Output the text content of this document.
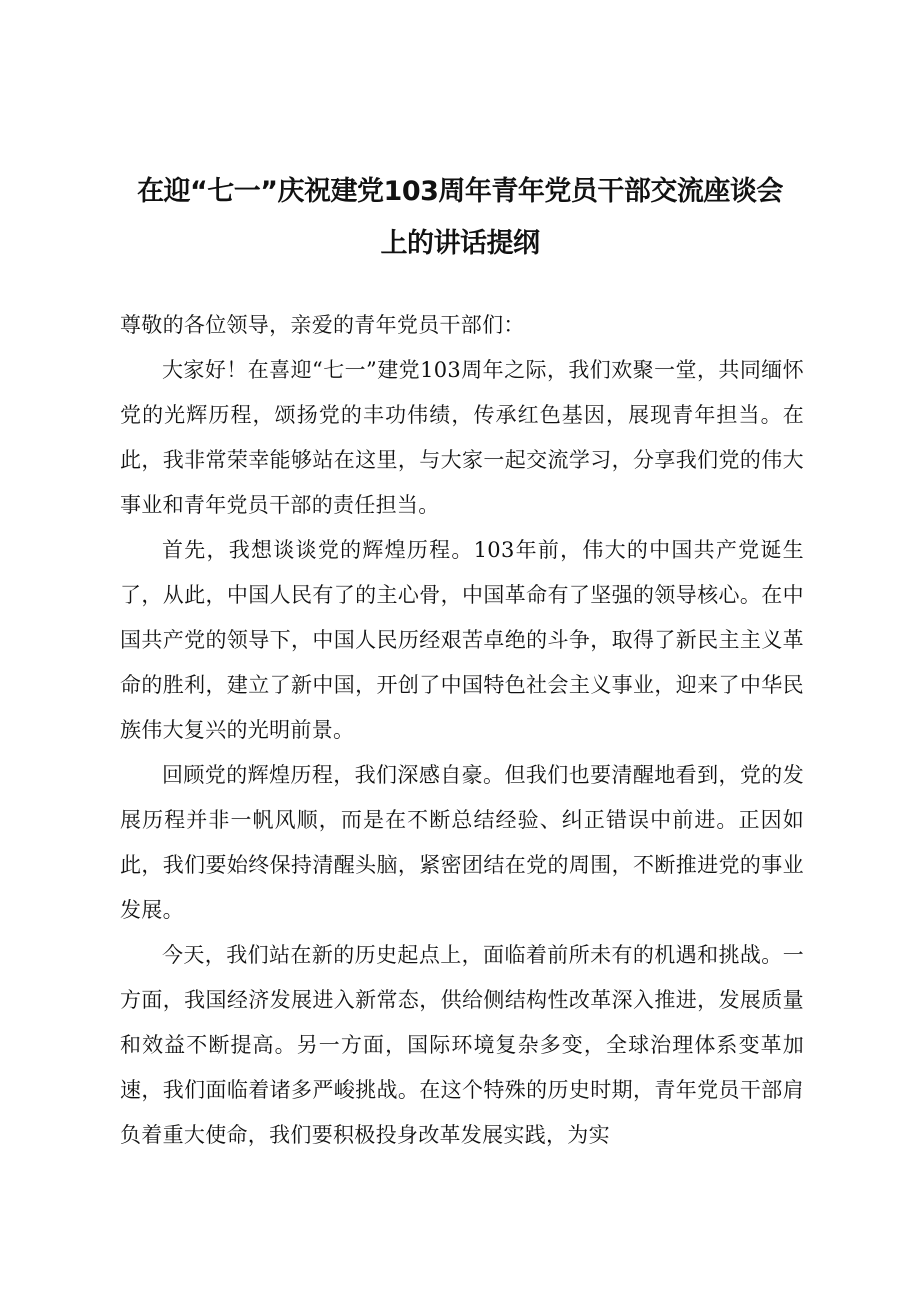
在迎“七一”庆祝建党103周年青年党员干部交流座谈会
上的讲话提纲

尊敬的各位领导，亲爱的青年党员干部们：

大家好！在喜迎“七一”建党103周年之际，我们欢聚一堂，共同缅怀党的光辉历程，颂扬党的丰功伟绩，传承红色基因，展现青年担当。在此，我非常荣幸能够站在这里，与大家一起交流学习，分享我们党的伟大事业和青年党员干部的责任担当。

首先，我想谈谈党的辉煌历程。103年前，伟大的中国共产党诞生了，从此，中国人民有了的主心骨，中国革命有了坚强的领导核心。在中国共产党的领导下，中国人民历经艰苦卓绝的斗争，取得了新民主主义革命的胜利，建立了新中国，开创了中国特色社会主义事业，迎来了中华民族伟大复兴的光明前景。

回顾党的辉煌历程，我们深感自豪。但我们也要清醒地看到，党的发展历程并非一帆风顺，而是在不断总结经验、纠正错误中前进。正因如此，我们要始终保持清醒头脑，紧密团结在党的周围，不断推进党的事业发展。

今天，我们站在新的历史起点上，面临着前所未有的机遇和挑战。一方面，我国经济发展进入新常态，供给侧结构性改革深入推进，发展质量和效益不断提高。另一方面，国际环境复杂多变，全球治理体系变革加速，我们面临着诸多严峻挑战。在这个特殊的历史时期，青年党员干部肩负着重大使命，我们要积极投身改革发展实践，为实
